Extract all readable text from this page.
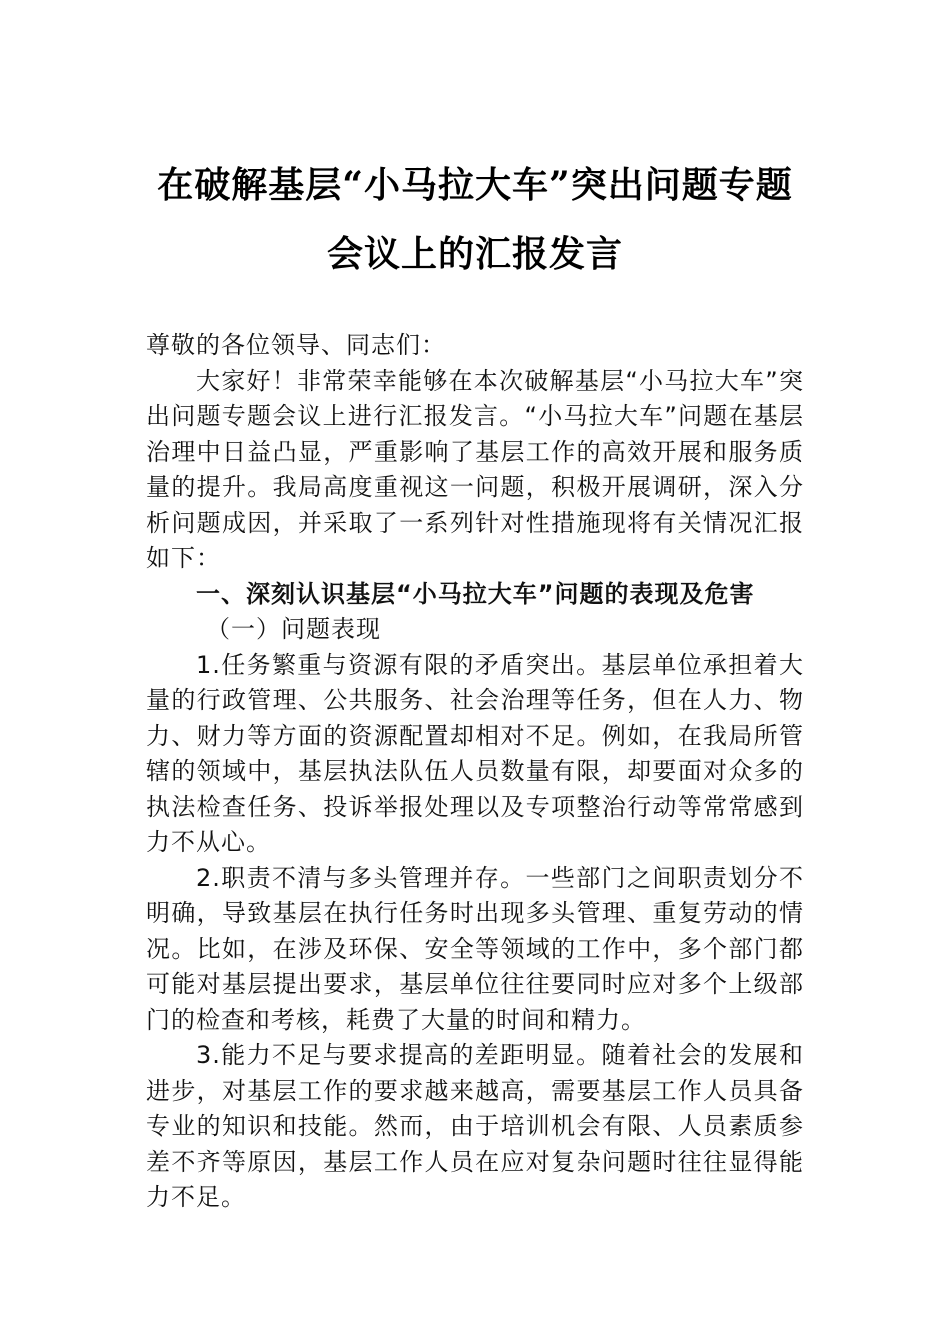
在破解基层“小马拉大车”突出问题专题
会议上的汇报发言

尊敬的各位领导、同志们：

大家好！非常荣幸能够在本次破解基层“小马拉大车”突出问题专题会议上进行汇报发言。“小马拉大车”问题在基层治理中日益凸显，严重影响了基层工作的高效开展和服务质量的提升。我局高度重视这一问题，积极开展调研，深入分析问题成因，并采取了一系列针对性措施现将有关情况汇报如下：

一、深刻认识基层“小马拉大车”问题的表现及危害

（一）问题表现

1.任务繁重与资源有限的矛盾突出。基层单位承担着大量的行政管理、公共服务、社会治理等任务，但在人力、物力、财力等方面的资源配置却相对不足。例如，在我局所管辖的领域中，基层执法队伍人员数量有限，却要面对众多的执法检查任务、投诉举报处理以及专项整治行动等常常感到力不从心。

2.职责不清与多头管理并存。一些部门之间职责划分不明确，导致基层在执行任务时出现多头管理、重复劳动的情况。比如，在涉及环保、安全等领域的工作中，多个部门都可能对基层提出要求，基层单位往往要同时应对多个上级部门的检查和考核，耗费了大量的时间和精力。

3.能力不足与要求提高的差距明显。随着社会的发展和进步，对基层工作的要求越来越高，需要基层工作人员具备专业的知识和技能。然而，由于培训机会有限、人员素质参差不齐等原因，基层工作人员在应对复杂问题时往往显得能力不足。
